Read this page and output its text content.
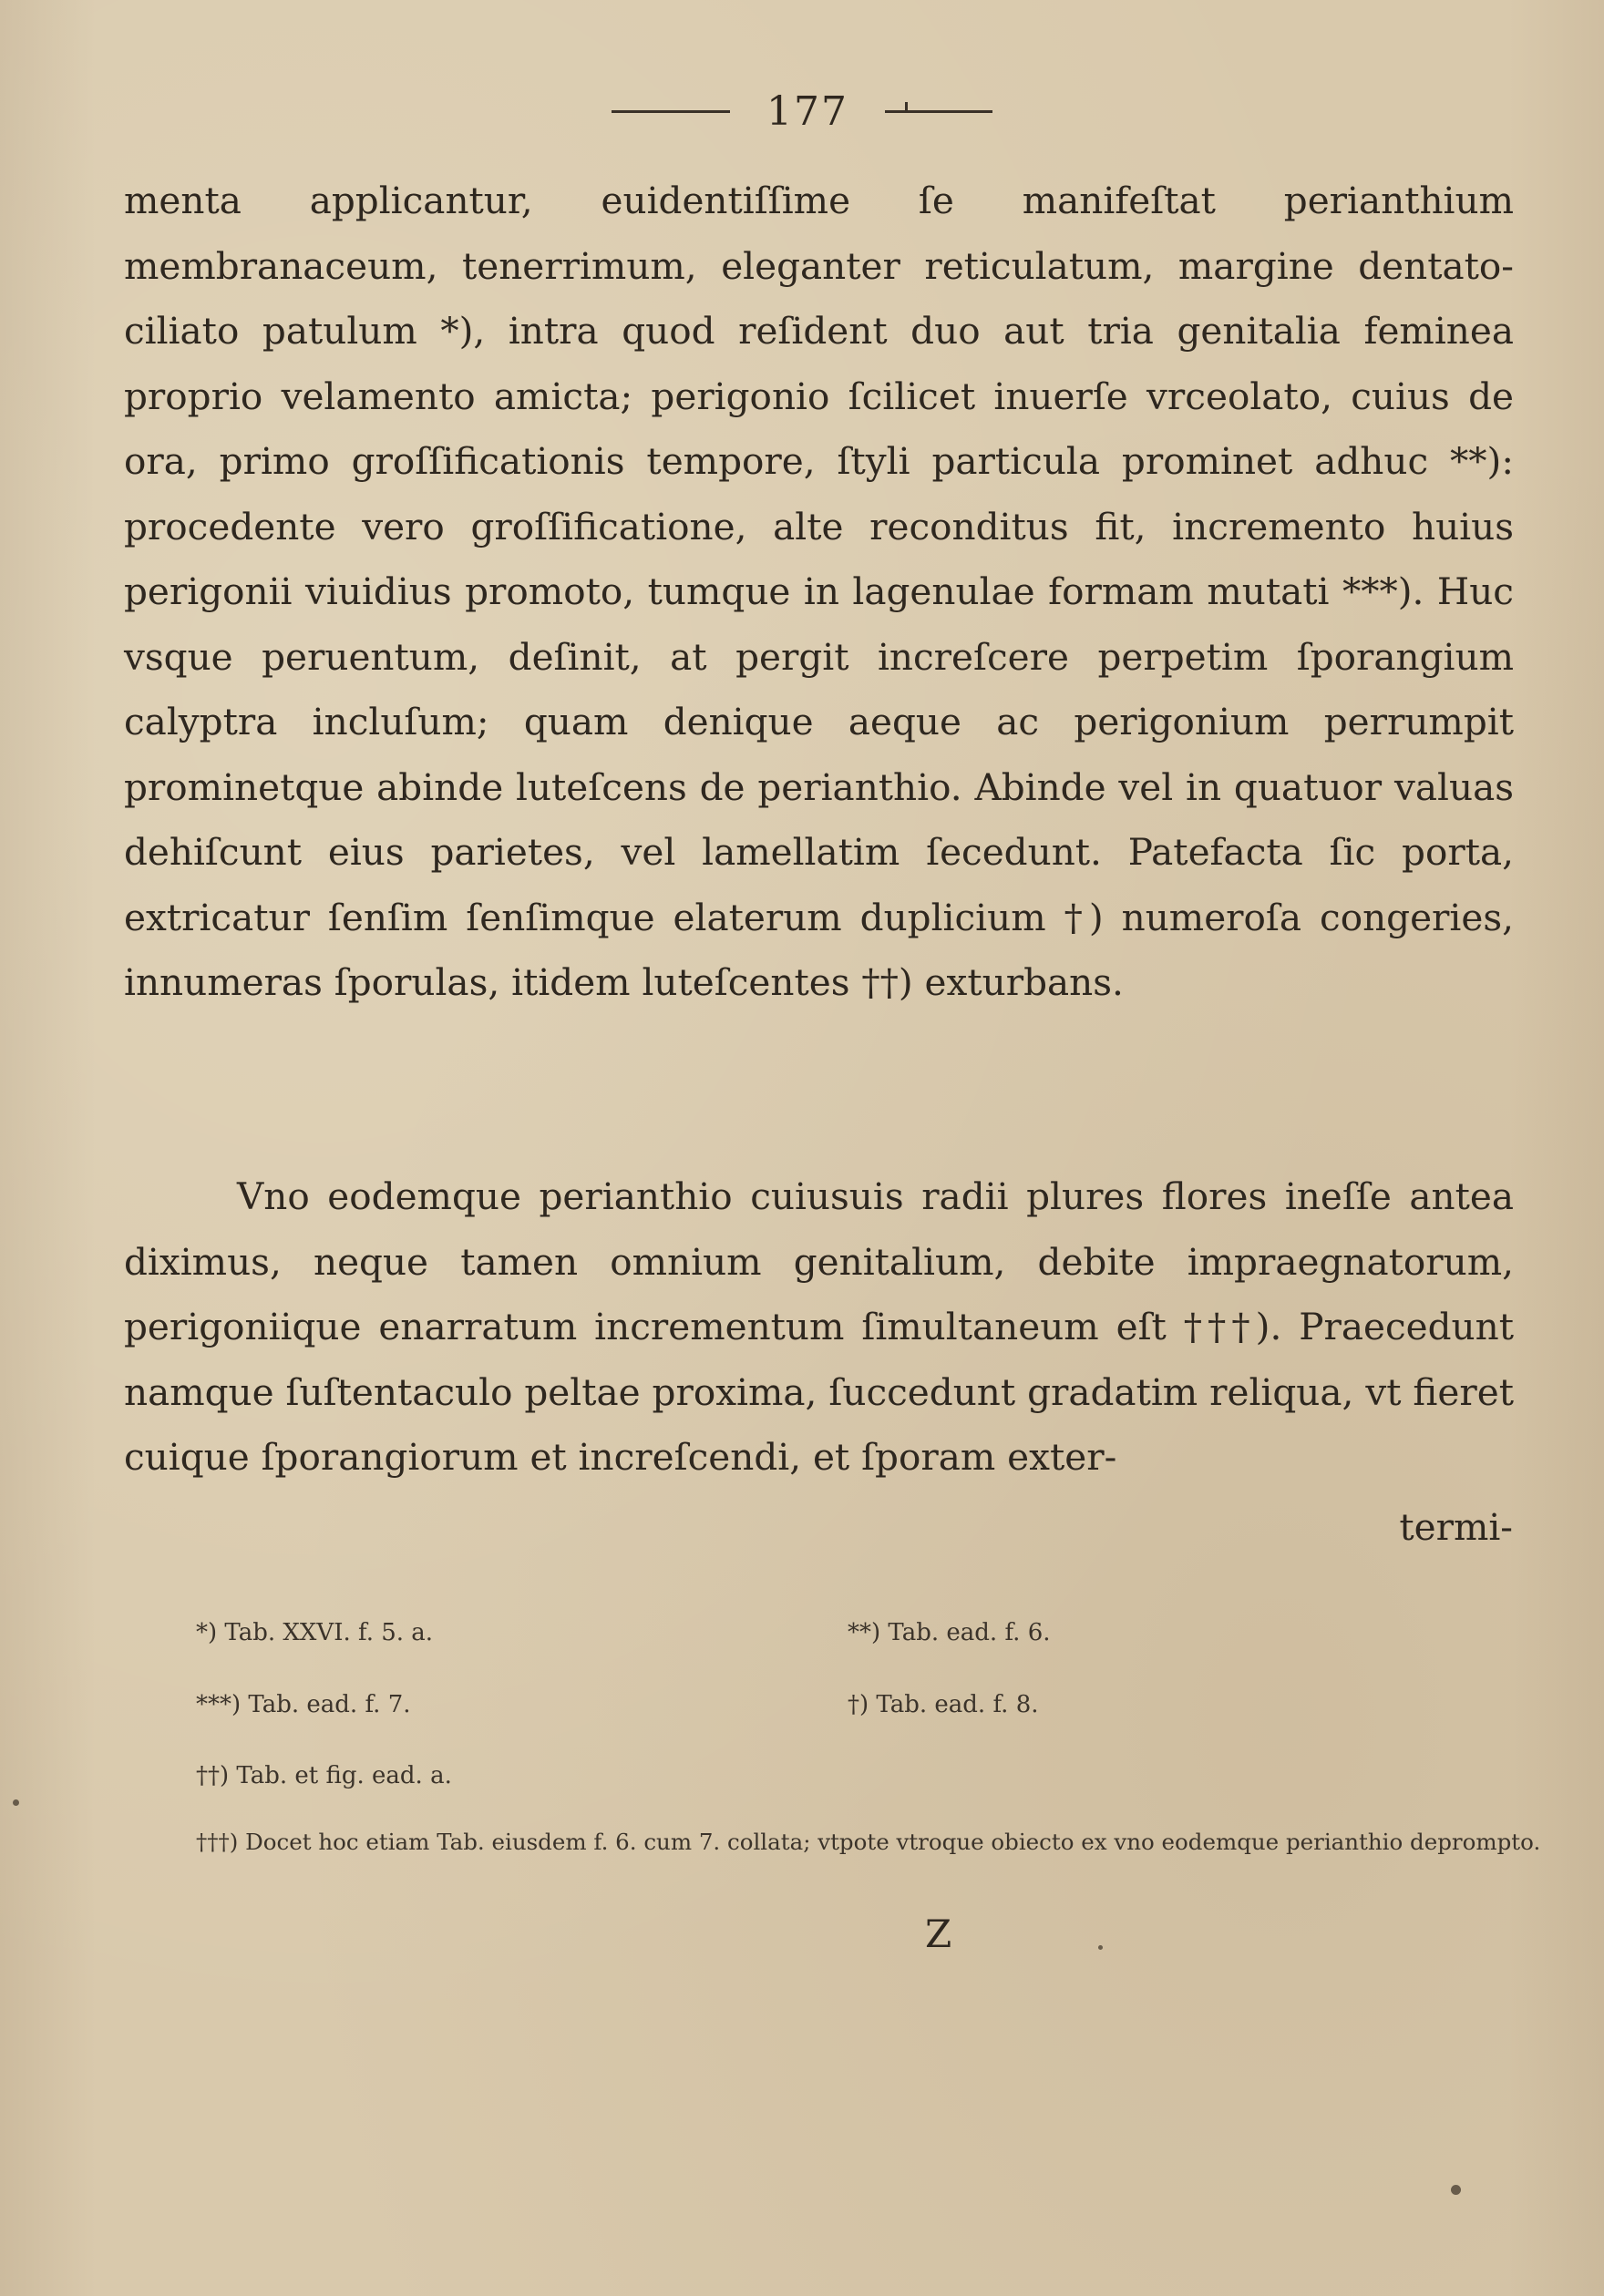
177
menta applicantur, euidentiſſime ſe manifeſtat perianthium membranaceum, tenerrimum, eleganter reticulatum, margine dentato-ciliato patulum *), intra quod reſident duo aut tria genitalia feminea proprio velamento amicta; perigonio ſcilicet inuerſe vrceolato, cuius de ora, primo groſſificationis tempore, ſtyli particula prominet adhuc **): procedente vero groſſificatione, alte reconditus fit, incremento huius perigonii viuidius promoto, tumque in lagenulae formam mutati ***). Huc vsque peruentum, deſinit, at pergit increſcere perpetim ſporangium calyptra incluſum; quam denique aeque ac perigonium perrumpit prominetque abinde luteſcens de perianthio. Abinde vel in quatuor valuas dehiſcunt eius parietes, vel lamellatim ſecedunt. Patefacta ſic porta, extricatur ſenſim ſenſimque elaterum duplicium †) numeroſa congeries, innumeras ſporulas, itidem luteſcentes ††) exturbans.
Vno eodemque perianthio cuiusuis radii plures flores ineſſe antea diximus, neque tamen omnium genitalium, debite impraegnatorum, perigoniique enarratum incrementum ſimultaneum eſt †††). Praecedunt namque ſuſtentaculo peltae proxima, ſuccedunt gradatim reliqua, vt fieret cuique ſporangiorum et increſcendi, et ſporam exter-
termi-
*) Tab. XXVI. f. 5. a.	**) Tab. ead. f. 6.
***) Tab. ead. f. 7.	†) Tab. ead. f. 8.
††) Tab. et fig. ead. a.
†††) Docet hoc etiam Tab. eiusdem f. 6. cum 7. collata; vtpote vtroque obiecto ex vno eodemque perianthio deprompto.
Z
